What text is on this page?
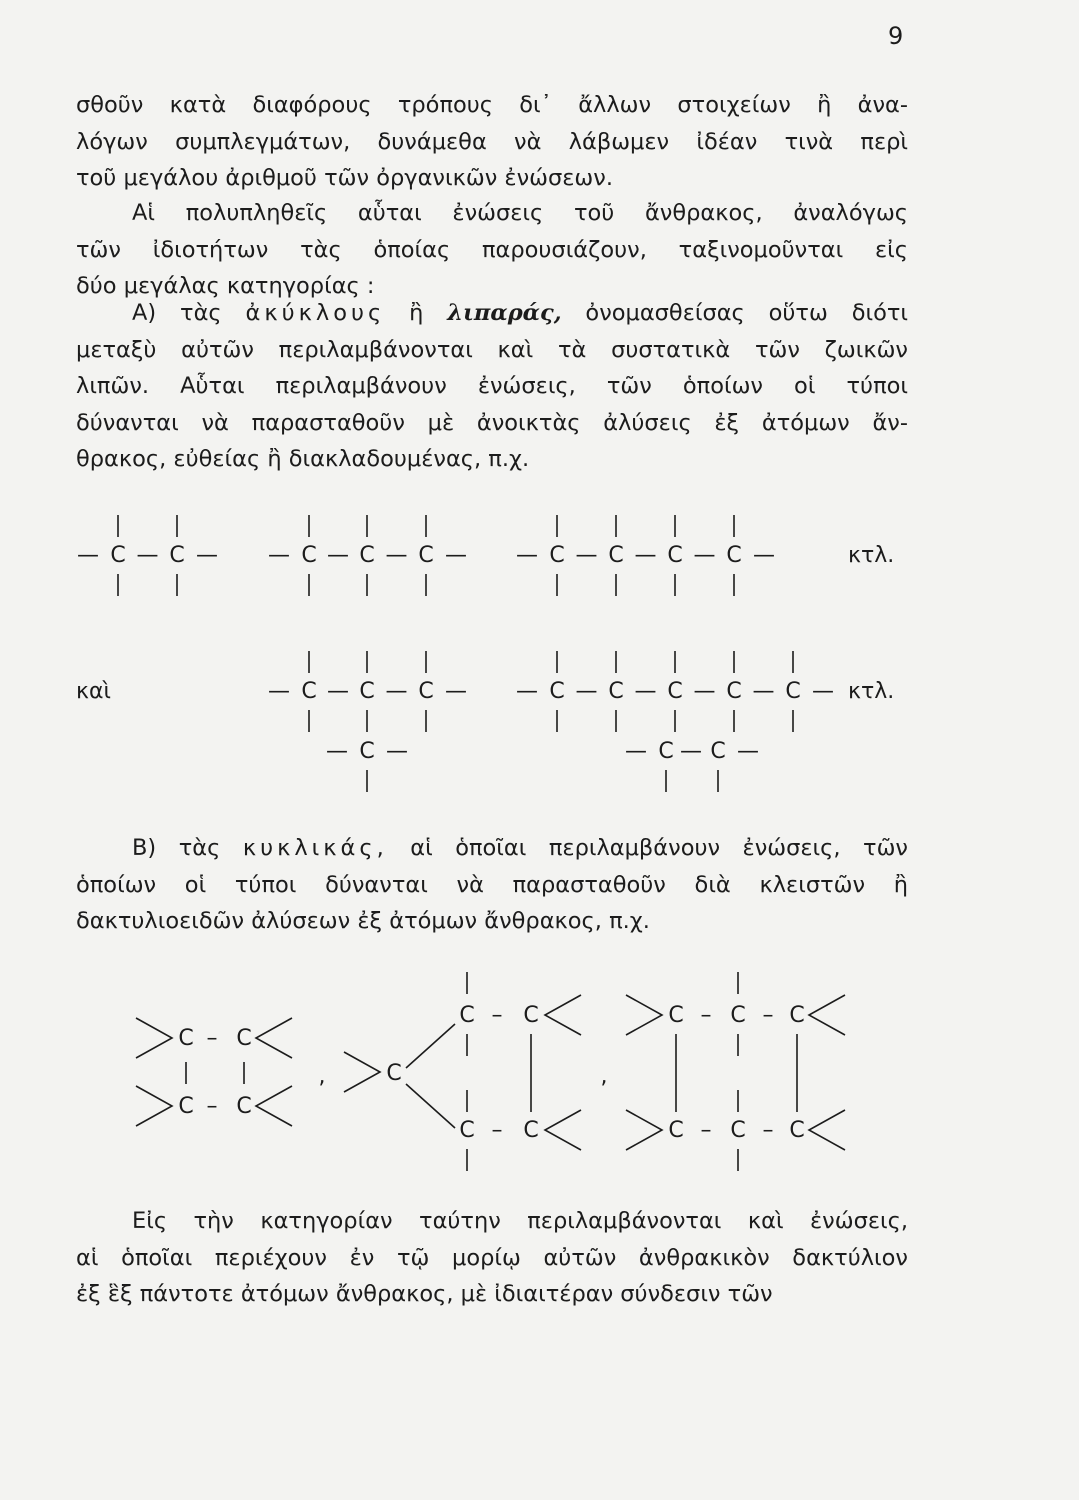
9

σθοῦν κατὰ διαφόρους τρόπους δι᾽ ἄλλων στοιχείων ἢ ἀνα-
λόγων συμπλεγμάτων, δυνάμεθα νὰ λάβωμεν ἰδέαν τινὰ περὶ
τοῦ μεγάλου ἀριθμοῦ τῶν ὀργανικῶν ἐνώσεων.

Αἱ πολυπληθεῖς αὗται ἐνώσεις τοῦ ἄνθρακος, ἀναλόγως
τῶν ἰδιοτήτων τὰς ὁποίας παρουσιάζουν, ταξινομοῦνται εἰς
δύο μεγάλας κατηγορίας :

Α) τὰς ἀκύκλους ἢ λιπαράς, ὀνομασθείσας οὕτω διότι
μεταξὺ αὐτῶν περιλαμβάνονται καὶ τὰ συστατικὰ τῶν ζωικῶν
λιπῶν. Αὗται περιλαμβάνουν ἐνώσεις, τῶν ὁποίων οἱ τύποι
δύνανται νὰ παρασταθοῦν μὲ ἀνοικτὰς ἀλύσεις ἐξ ἀτόμων ἄν-
θρακος, εὐθείας ἢ διακλαδουμένας, π.χ.

— C — C — — C — C — C — — C — C — C — C —
— C — C — C — — C — C — C — C — C —
— C —	— C — C —
κτλ.
καὶ	κτλ.
C – C
C – C
,	C
C – C
C – C
,
C – C – C
C – C – C

Β) τὰς κυκλικάς, αἱ ὁποῖαι περιλαμβάνουν ἐνώσεις, τῶν
ὁποίων οἱ τύποι δύνανται νὰ παρασταθοῦν διὰ κλειστῶν ἢ
δακτυλιοειδῶν ἀλύσεων ἐξ ἀτόμων ἄνθρακος, π.χ.

Εἰς τὴν κατηγορίαν ταύτην περιλαμβάνονται καὶ ἐνώσεις,
αἱ ὁποῖαι περιέχουν ἐν τῷ μορίῳ αὐτῶν ἀνθρακικὸν δακτύλιον
ἐξ ἓξ πάντοτε ἀτόμων ἄνθρακος, μὲ ἰδιαιτέραν σύνδεσιν τῶν
